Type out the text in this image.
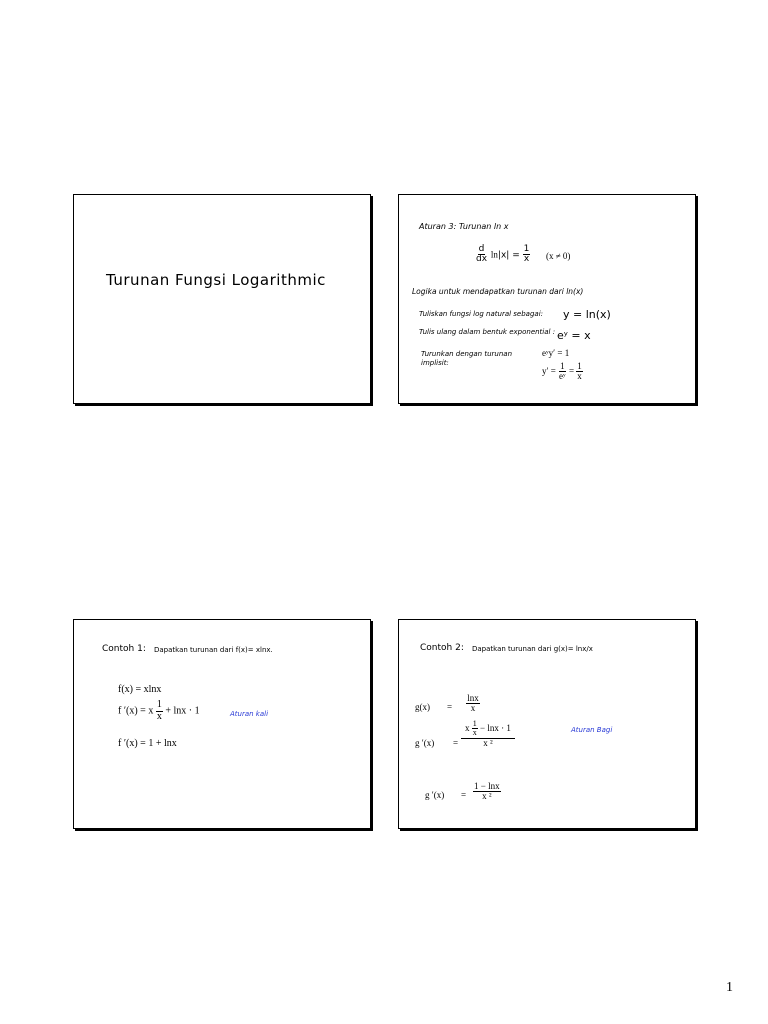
Turunan Fungsi Logarithmic
Aturan 3: Turunan ln x
$\frac{d}{dx} \ln|x| = \frac{1}{x} (x \ne 0)$
Logika untuk mendapatkan turunan dari ln(x)
Tuliskan fungsi log natural sebagai: y = ln(x)
Tulis ulang dalam bentuk exponential : eʸ = x
Turunkan dengan turunan implisit:
eʸy′ = 1
$y' = \frac{1}{\text{eʸ}} = \frac{1}{x}$
Contoh 1: Dapatkan turunan dari f(x)= xlnx.
f(x) = xlnx
f ′(x) = x $\frac{1}{x} + \ln x \cdot 1$	Aturan kali
f ′(x) = 1 + lnx
Contoh 2: Dapatkan turunan dari g(x)= lnx/x
$g(x) = \frac{\ln x}{x}$
g $'(x) = \frac{x \frac{1}{x} - \ln x \cdot 1}{\text{x ²}}$	Aturan Bagi
g $'(x) = \frac{1 - \ln x}{\text{x ²}}$
1
